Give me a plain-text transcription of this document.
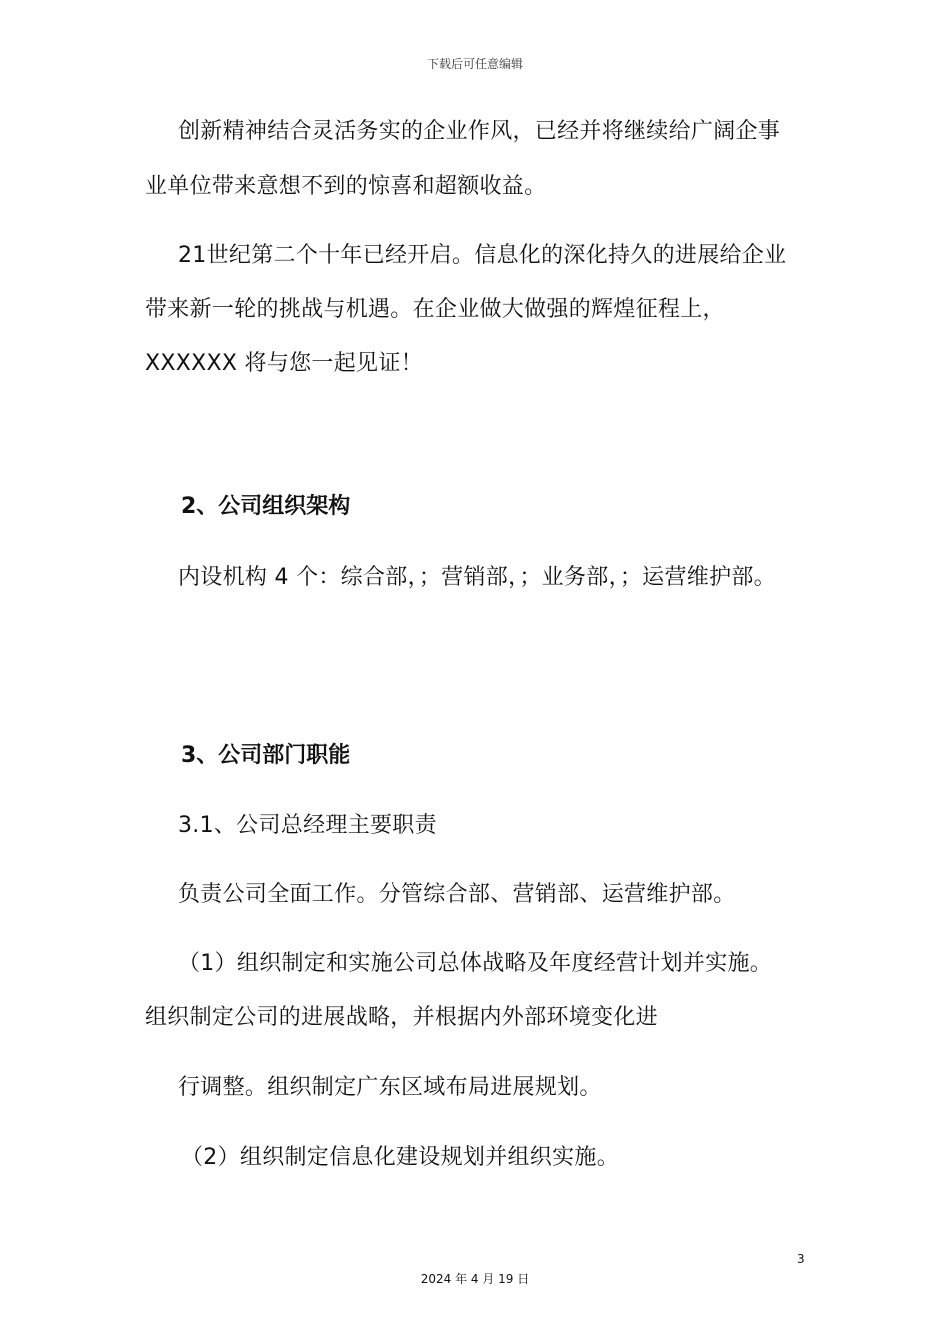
下载后可任意编辑
创新精神结合灵活务实的企业作风，已经并将继续给广阔企事
业单位带来意想不到的惊喜和超额收益。
21世纪第二个十年已经开启。信息化的深化持久的进展给企业
带来新一轮的挑战与机遇。在企业做大做强的辉煌征程上，
XXXXXX 将与您一起见证！
2、公司组织架构
内设机构 4 个：综合部，；营销部，；业务部，；运营维护部。
3、公司部门职能
3.1、公司总经理主要职责
负责公司全面工作。分管综合部、营销部、运营维护部。
（1）组织制定和实施公司总体战略及年度经营计划并实施。
组织制定公司的进展战略，并根据内外部环境变化进
行调整。组织制定广东区域布局进展规划。
（2）组织制定信息化建设规划并组织实施。
3
2024 年 4 月 19 日
